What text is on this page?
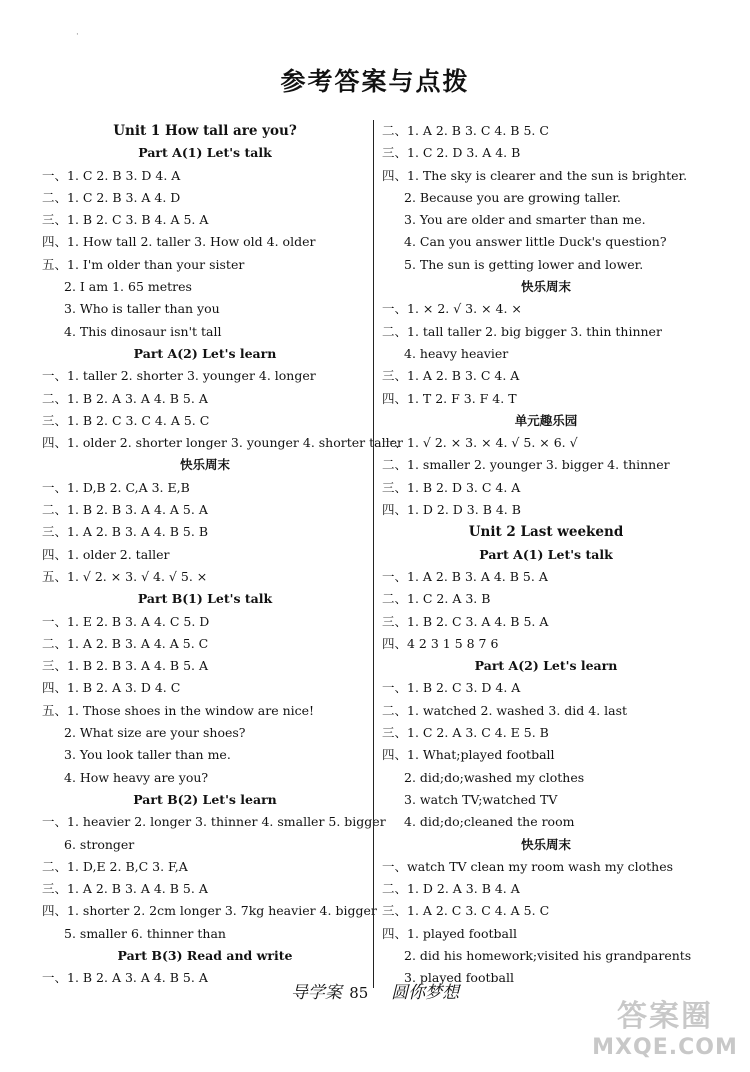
·
参考答案与点拨
Unit 1 How tall are you?
Part A(1) Let's talk
一、1. C 2. B 3. D 4. A
二、1. C 2. B 3. A 4. D
三、1. B 2. C 3. B 4. A 5. A
四、1. How tall 2. taller 3. How old 4. older
五、1. I'm older than your sister
2. I am 1. 65 metres
3. Who is taller than you
4. This dinosaur isn't tall
Part A(2) Let's learn
一、1. taller 2. shorter 3. younger 4. longer
二、1. B 2. A 3. A 4. B 5. A
三、1. B 2. C 3. C 4. A 5. C
四、1. older 2. shorter longer 3. younger 4. shorter taller
快乐周末
一、1. D,B 2. C,A 3. E,B
二、1. B 2. B 3. A 4. A 5. A
三、1. A 2. B 3. A 4. B 5. B
四、1. older 2. taller
五、1. √ 2. × 3. √ 4. √ 5. ×
Part B(1) Let's talk
一、1. E 2. B 3. A 4. C 5. D
二、1. A 2. B 3. A 4. A 5. C
三、1. B 2. B 3. A 4. B 5. A
四、1. B 2. A 3. D 4. C
五、1. Those shoes in the window are nice!
2. What size are your shoes?
3. You look taller than me.
4. How heavy are you?
Part B(2) Let's learn
一、1. heavier 2. longer 3. thinner 4. smaller 5. bigger
6. stronger
二、1. D,E 2. B,C 3. F,A
三、1. A 2. B 3. A 4. B 5. A
四、1. shorter 2. 2cm longer 3. 7kg heavier 4. bigger
5. smaller 6. thinner than
Part B(3) Read and write
一、1. B 2. A 3. A 4. B 5. A
二、1. A 2. B 3. C 4. B 5. C
三、1. C 2. D 3. A 4. B
四、1. The sky is clearer and the sun is brighter.
2. Because you are growing taller.
3. You are older and smarter than me.
4. Can you answer little Duck's question?
5. The sun is getting lower and lower.
快乐周末
一、1. × 2. √ 3. × 4. ×
二、1. tall taller 2. big bigger 3. thin thinner
4. heavy heavier
三、1. A 2. B 3. C 4. A
四、1. T 2. F 3. F 4. T
单元趣乐园
一、1. √ 2. × 3. × 4. √ 5. × 6. √
二、1. smaller 2. younger 3. bigger 4. thinner
三、1. B 2. D 3. C 4. A
四、1. D 2. D 3. B 4. B
Unit 2 Last weekend
Part A(1) Let's talk
一、1. A 2. B 3. A 4. B 5. A
二、1. C 2. A 3. B
三、1. B 2. C 3. A 4. B 5. A
四、4 2 3 1 5 8 7 6
Part A(2) Let's learn
一、1. B 2. C 3. D 4. A
二、1. watched 2. washed 3. did 4. last
三、1. C 2. A 3. C 4. E 5. B
四、1. What;played football
2. did;do;washed my clothes
3. watch TV;watched TV
4. did;do;cleaned the room
快乐周末
一、watch TV clean my room wash my clothes
二、1. D 2. A 3. B 4. A
三、1. A 2. C 3. C 4. A 5. C
四、1. played football
2. did his homework;visited his grandparents
3. played football
导学案 85 圆你梦想
答案圈
MXQE.COM
